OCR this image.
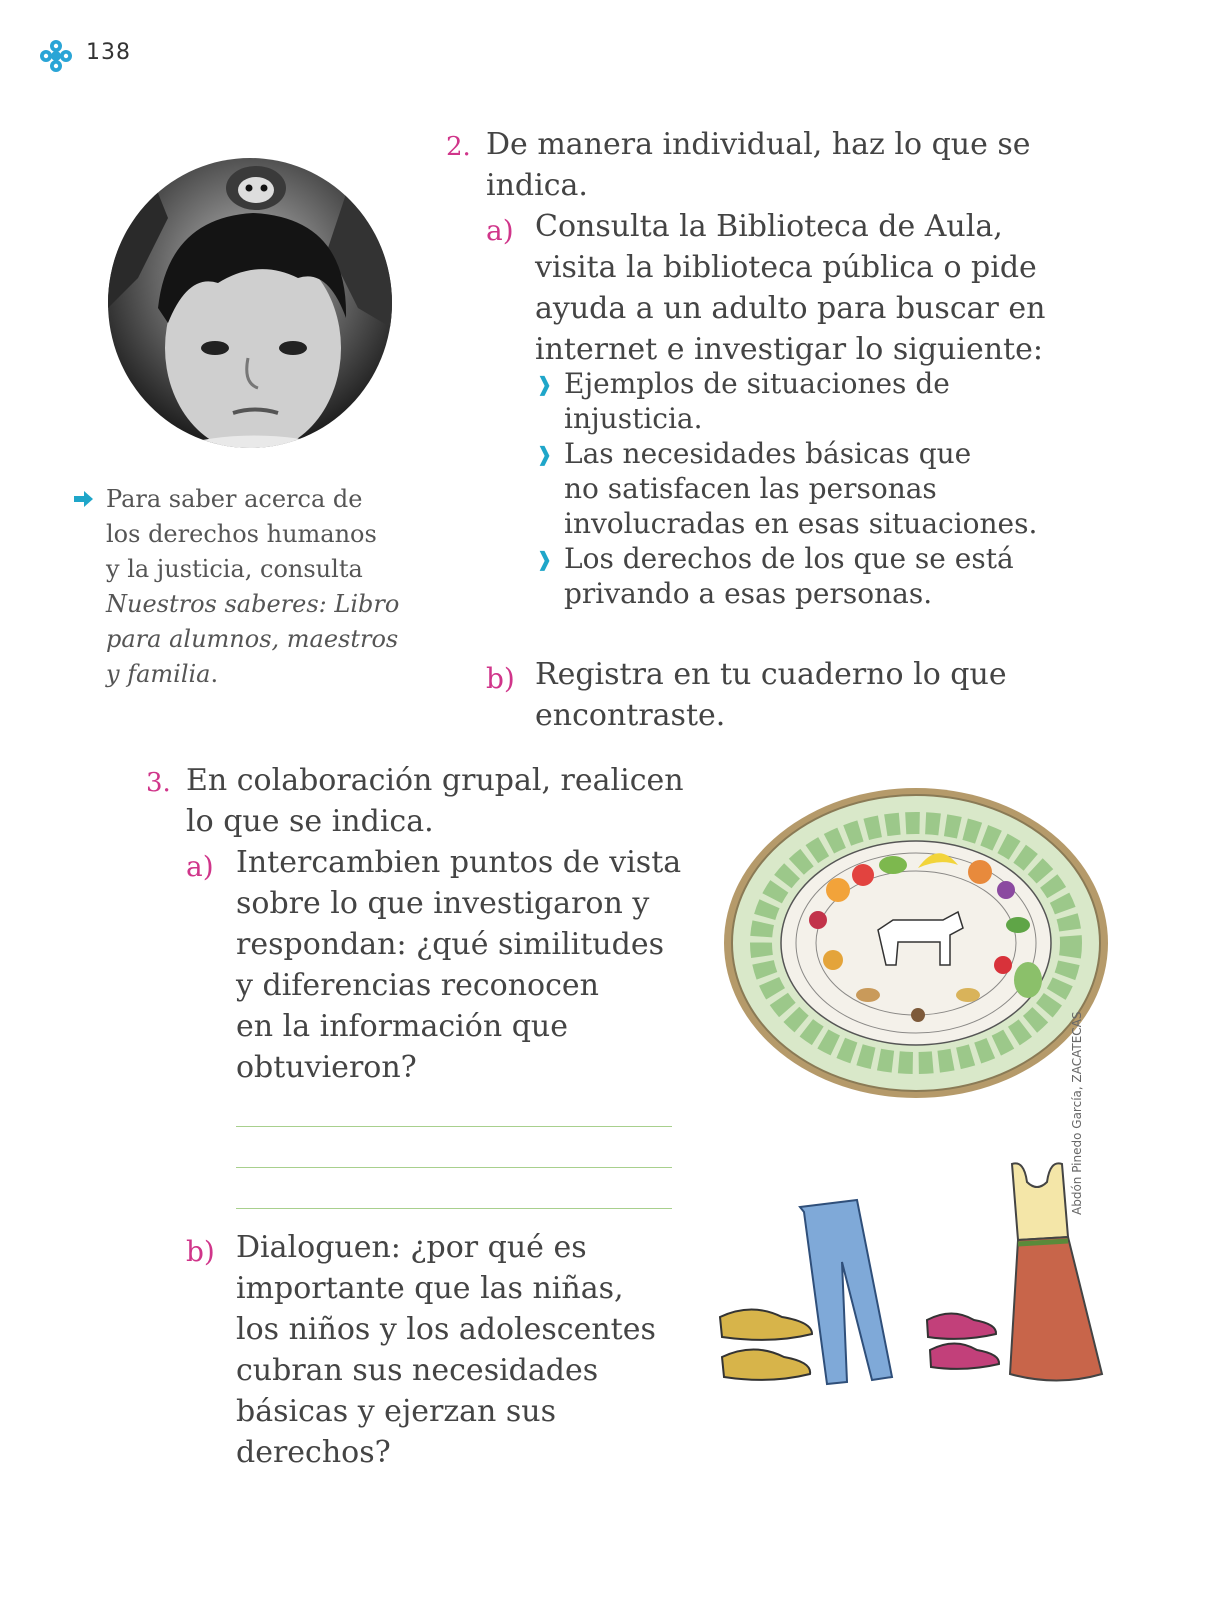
138
Para saber acerca de
los derechos humanos
y la justicia, consulta
Nuestros saberes: Libro
para alumnos, maestros
y familia.
2. De manera individual, haz lo que se
indica.
a) Consulta la Biblioteca de Aula,
visita la biblioteca pública o pide
ayuda a un adulto para buscar en
internet e investigar lo siguiente:
❱ Ejemplos de situaciones de
injusticia.
❱ Las necesidades básicas que
no satisfacen las personas
involucradas en esas situaciones.
❱ Los derechos de los que se está
privando a esas personas.
b) Registra en tu cuaderno lo que
encontraste.
3. En colaboración grupal, realicen
lo que se indica.
a) Intercambien puntos de vista
sobre lo que investigaron y
respondan: ¿qué similitudes
y diferencias reconocen
en la información que
obtuvieron?
b) Dialoguen: ¿por qué es
importante que las niñas,
los niños y los adolescentes
cubran sus necesidades
básicas y ejerzan sus
derechos?
Abdón Pinedo García, ZACATECAS
